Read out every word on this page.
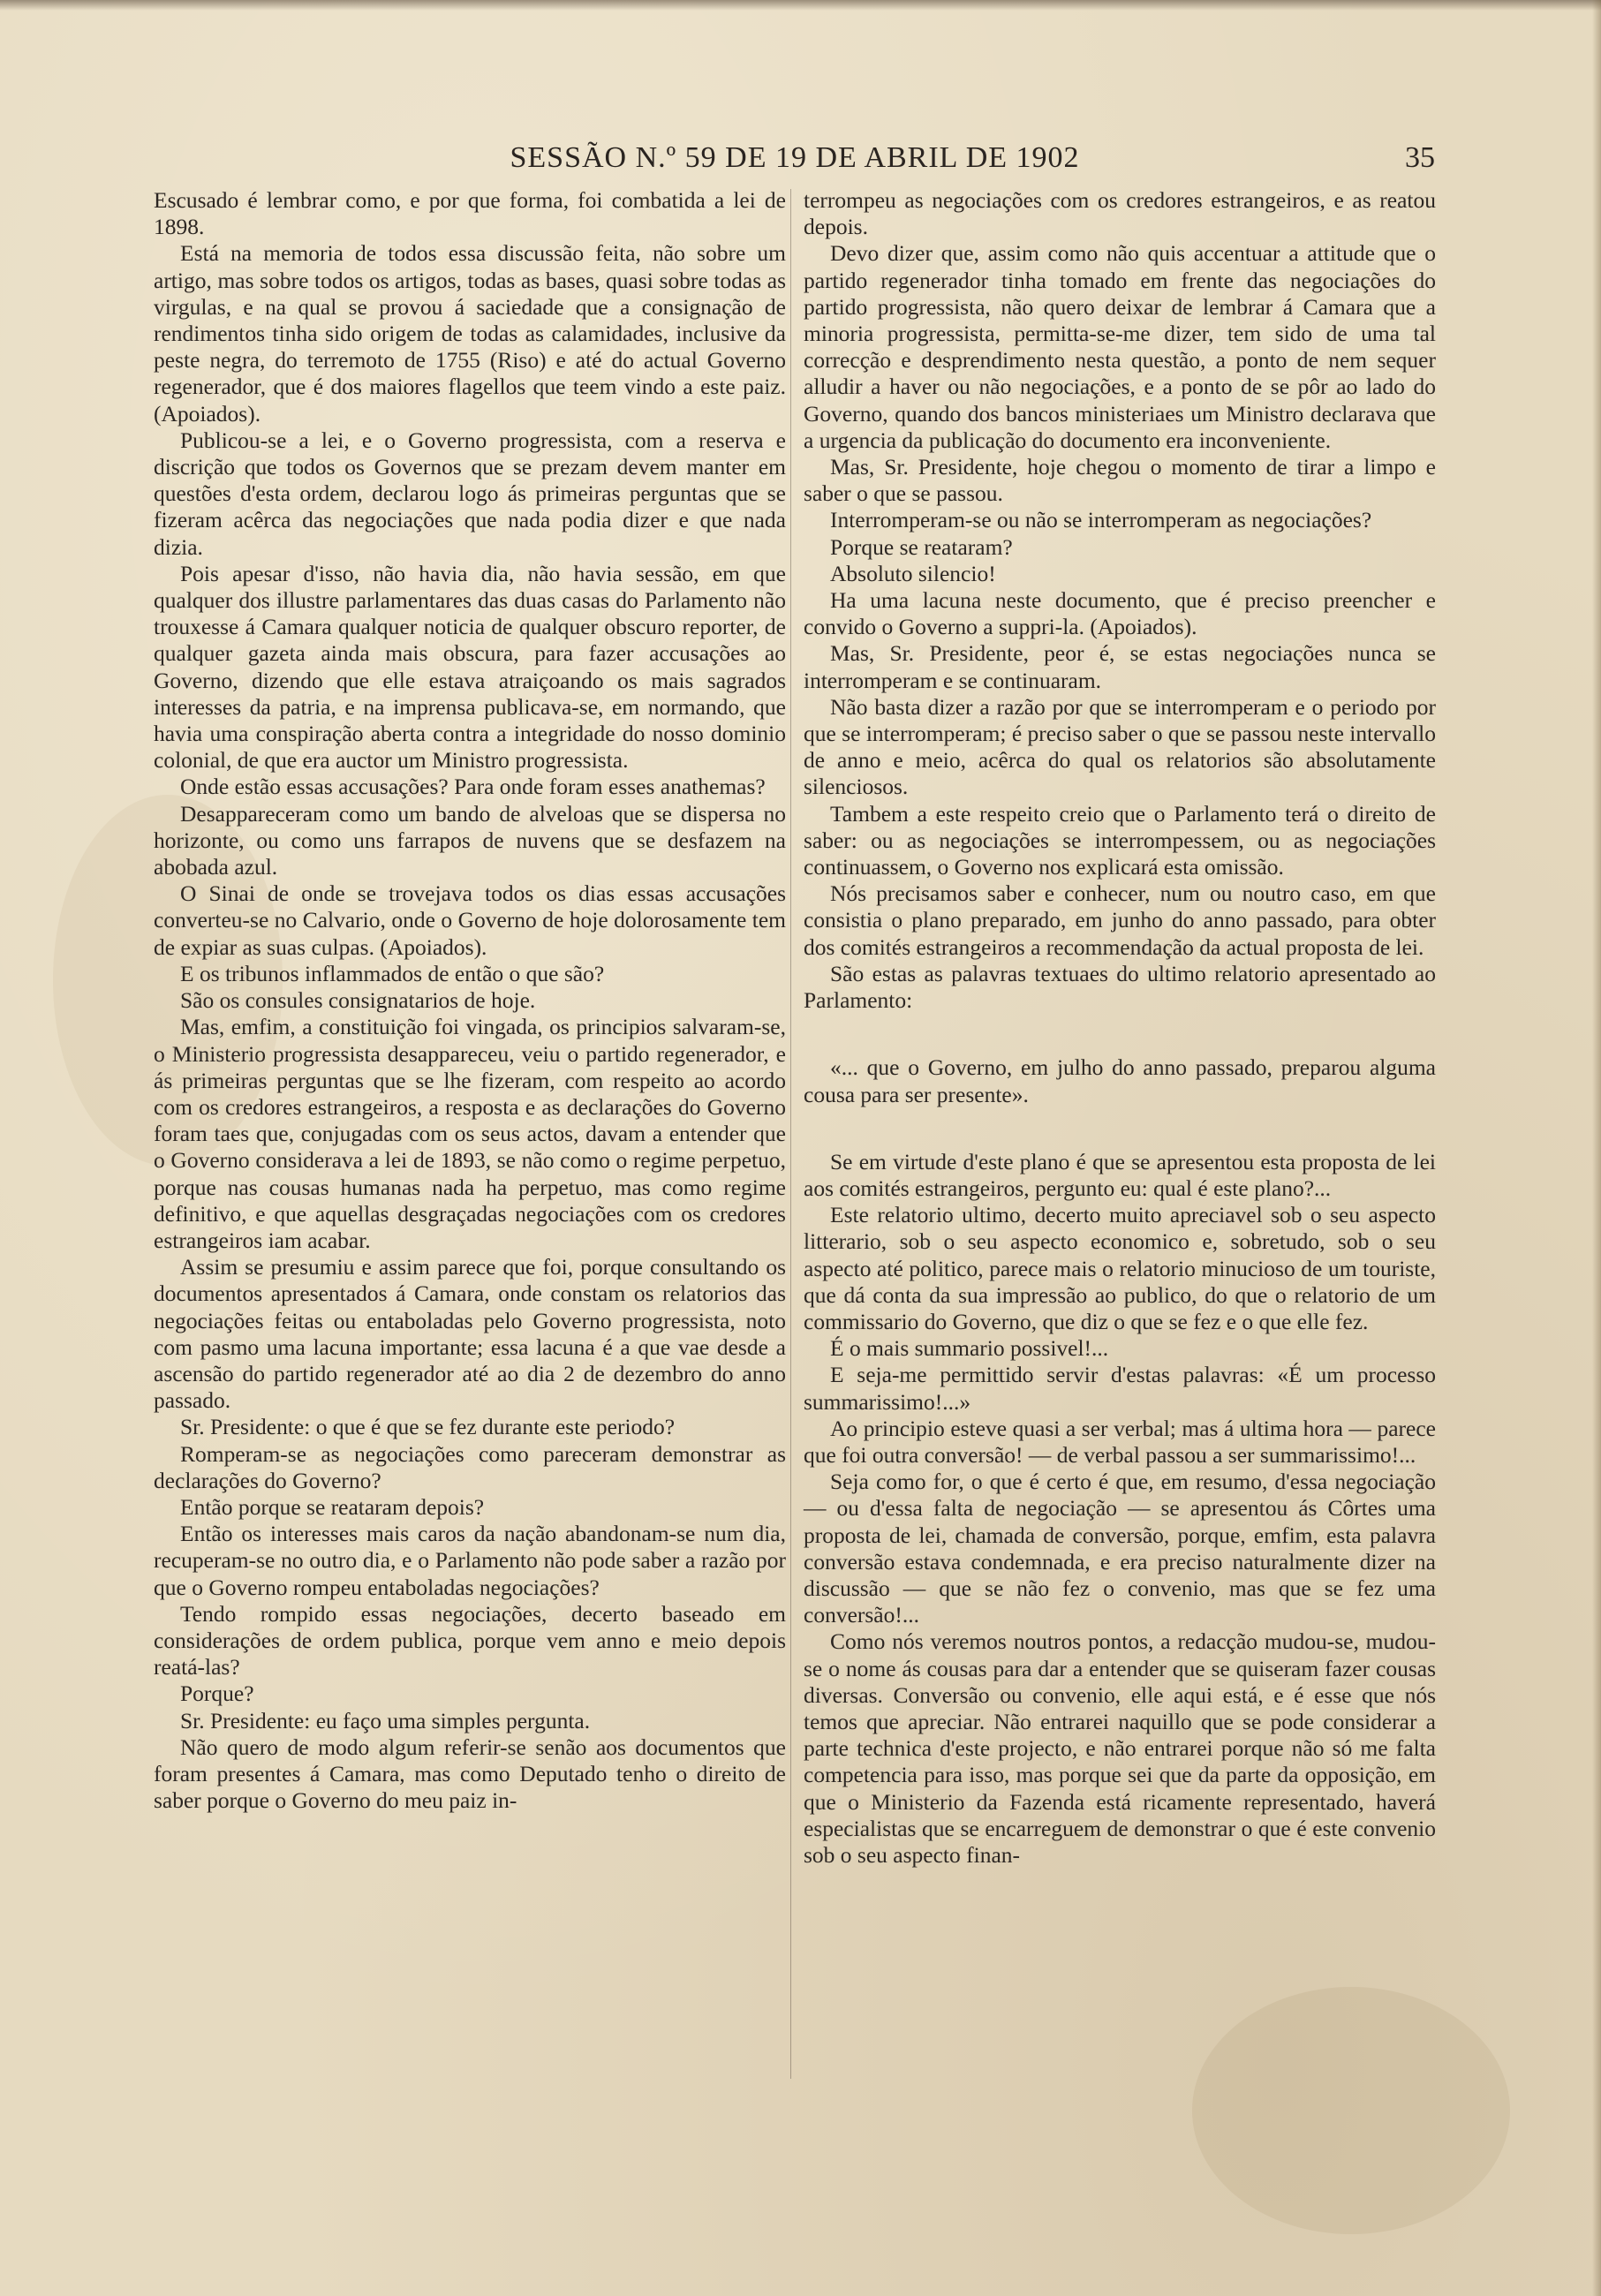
SESSÃO N.º 59 DE 19 DE ABRIL DE 1902	35

Escusado é lembrar como, e por que forma, foi combatida a lei de 1898.

Está na memoria de todos essa discussão feita, não sobre um artigo, mas sobre todos os artigos, todas as bases, quasi sobre todas as virgulas, e na qual se provou á saciedade que a consignação de rendimentos tinha sido origem de todas as calamidades, inclusive da peste negra, do terremoto de 1755 (Riso) e até do actual Governo regenerador, que é dos maiores flagellos que teem vindo a este paiz. (Apoiados).

Publicou-se a lei, e o Governo progressista, com a reserva e discrição que todos os Governos que se prezam devem manter em questões d'esta ordem, declarou logo ás primeiras perguntas que se fizeram acêrca das negociações que nada podia dizer e que nada dizia.

Pois apesar d'isso, não havia dia, não havia sessão, em que qualquer dos illustre parlamentares das duas casas do Parlamento não trouxesse á Camara qualquer noticia de qualquer obscuro reporter, de qualquer gazeta ainda mais obscura, para fazer accusações ao Governo, dizendo que elle estava atraiçoando os mais sagrados interesses da patria, e na imprensa publicava-se, em normando, que havia uma conspiração aberta contra a integridade do nosso dominio colonial, de que era auctor um Ministro progressista.

Onde estão essas accusações? Para onde foram esses anathemas?

Desappareceram como um bando de alveloas que se dispersa no horizonte, ou como uns farrapos de nuvens que se desfazem na abobada azul.

O Sinai de onde se trovejava todos os dias essas accusações converteu-se no Calvario, onde o Governo de hoje dolorosamente tem de expiar as suas culpas. (Apoiados).

E os tribunos inflammados de então o que são?

São os consules consignatarios de hoje.

Mas, emfim, a constituição foi vingada, os principios salvaram-se, o Ministerio progressista desappareceu, veiu o partido regenerador, e ás primeiras perguntas que se lhe fizeram, com respeito ao acordo com os credores estrangeiros, a resposta e as declarações do Governo foram taes que, conjugadas com os seus actos, davam a entender que o Governo considerava a lei de 1893, se não como o regime perpetuo, porque nas cousas humanas nada ha perpetuo, mas como regime definitivo, e que aquellas desgraçadas negociações com os credores estrangeiros iam acabar.

Assim se presumiu e assim parece que foi, porque consultando os documentos apresentados á Camara, onde constam os relatorios das negociações feitas ou entaboladas pelo Governo progressista, noto com pasmo uma lacuna importante; essa lacuna é a que vae desde a ascensão do partido regenerador até ao dia 2 de dezembro do anno passado.

Sr. Presidente: o que é que se fez durante este periodo?

Romperam-se as negociações como pareceram demonstrar as declarações do Governo?

Então porque se reataram depois?

Então os interesses mais caros da nação abandonam-se num dia, recuperam-se no outro dia, e o Parlamento não pode saber a razão por que o Governo rompeu entaboladas negociações?

Tendo rompido essas negociações, decerto baseado em considerações de ordem publica, porque vem anno e meio depois reatá-las?

Porque?

Sr. Presidente: eu faço uma simples pergunta.

Não quero de modo algum referir-se senão aos documentos que foram presentes á Camara, mas como Deputado tenho o direito de saber porque o Governo do meu paiz in-

terrompeu as negociações com os credores estrangeiros, e as reatou depois.

Devo dizer que, assim como não quis accentuar a attitude que o partido regenerador tinha tomado em frente das negociações do partido progressista, não quero deixar de lembrar á Camara que a minoria progressista, permitta-se-me dizer, tem sido de uma tal correcção e desprendimento nesta questão, a ponto de nem sequer alludir a haver ou não negociações, e a ponto de se pôr ao lado do Governo, quando dos bancos ministeriaes um Ministro declarava que a urgencia da publicação do documento era inconveniente.

Mas, Sr. Presidente, hoje chegou o momento de tirar a limpo e saber o que se passou.

Interromperam-se ou não se interromperam as negociações?

Porque se reataram?

Absoluto silencio!

Ha uma lacuna neste documento, que é preciso preencher e convido o Governo a suppri-la. (Apoiados).

Mas, Sr. Presidente, peor é, se estas negociações nunca se interromperam e se continuaram.

Não basta dizer a razão por que se interromperam e o periodo por que se interromperam; é preciso saber o que se passou neste intervallo de anno e meio, acêrca do qual os relatorios são absolutamente silenciosos.

Tambem a este respeito creio que o Parlamento terá o direito de saber: ou as negociações se interrompessem, ou as negociações continuassem, o Governo nos explicará esta omissão.

Nós precisamos saber e conhecer, num ou noutro caso, em que consistia o plano preparado, em junho do anno passado, para obter dos comités estrangeiros a recommendação da actual proposta de lei.

São estas as palavras textuaes do ultimo relatorio apresentado ao Parlamento:

«... que o Governo, em julho do anno passado, preparou alguma cousa para ser presente».

Se em virtude d'este plano é que se apresentou esta proposta de lei aos comités estrangeiros, pergunto eu: qual é este plano?...

Este relatorio ultimo, decerto muito apreciavel sob o seu aspecto litterario, sob o seu aspecto economico e, sobretudo, sob o seu aspecto até politico, parece mais o relatorio minucioso de um touriste, que dá conta da sua impressão ao publico, do que o relatorio de um commissario do Governo, que diz o que se fez e o que elle fez.

É o mais summario possivel!...

E seja-me permittido servir d'estas palavras: «É um processo summarissimo!...»

Ao principio esteve quasi a ser verbal; mas á ultima hora — parece que foi outra conversão! — de verbal passou a ser summarissimo!...

Seja como for, o que é certo é que, em resumo, d'essa negociação — ou d'essa falta de negociação — se apresentou ás Côrtes uma proposta de lei, chamada de conversão, porque, emfim, esta palavra conversão estava condemnada, e era preciso naturalmente dizer na discussão — que se não fez o convenio, mas que se fez uma conversão!...

Como nós veremos noutros pontos, a redacção mudou-se, mudou-se o nome ás cousas para dar a entender que se quiseram fazer cousas diversas. Conversão ou convenio, elle aqui está, e é esse que nós temos que apreciar. Não entrarei naquillo que se pode considerar a parte technica d'este projecto, e não entrarei porque não só me falta competencia para isso, mas porque sei que da parte da opposição, em que o Ministerio da Fazenda está ricamente representado, haverá especialistas que se encarreguem de demonstrar o que é este convenio sob o seu aspecto finan-
